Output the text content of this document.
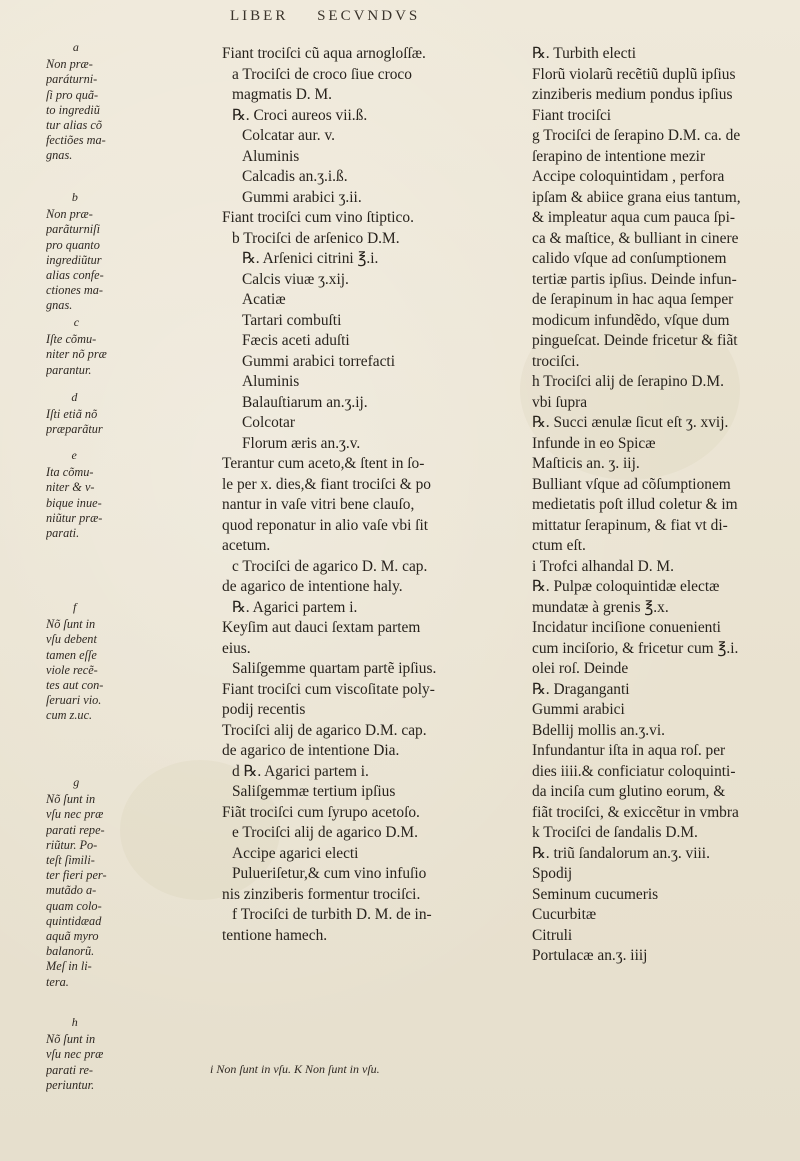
LIBER SECVNDVS
a
Non præ-
paráturni-
ſi pro quã-
to ingrediũ
tur alias cõ
fectiões ma-
gnas.
b
Non præ-
parãturniſi
pro quanto
ingrediũtur
alias confe-
ctiones ma-
gnas.
c
Iſte cõmu-
niter nõ præ
parantur.
d
Iſti etiã nõ
præparãtur
e
Ita cõmu-
niter & v-
bique inue-
niũtur præ-
parati.
f
Nõ ſunt in
vſu debent
tamen eſſe
viole recẽ-
tes aut con-
ſeruari vio.
cum z.uc.
g
Nõ ſunt in
vſu nec præ
parati repe-
riũtur. Po-
teſt ſimili-
ter fieri per-
mutãdo a-
quam colo-
quintidæad
aquã myro
balanorũ.
Meſ in li-
tera.
h
Nõ ſunt in
vſu nec præ
parati re-
periuntur.
Fiant trociſci cũ aqua arnogloſſæ.
a Trociſci de croco ſiue croco
magmatis D. M.
℞. Croci aureos vii.ß.
Colcatar aur. v.
Aluminis
Calcadis an.ʒ.i.ß.
Gummi arabici ʒ.ii.
Fiant trociſci cum vino ſtiptico.
b Trociſci de arſenico D.M.
℞. Arſenici citrini ℥.i.
Calcis viuæ ʒ.xij.
Acatiæ
Tartari combuſti
Fæcis aceti aduſti
Gummi arabici torrefacti
Aluminis
Balauſtiarum an.ʒ.ij.
Colcotar
Florum æris an.ʒ.v.
Terantur cum aceto,& ſtent in ſo-
le per x. dies,& fiant trociſci & po
nantur in vaſe vitri bene clauſo,
quod reponatur in alio vaſe vbi ſit
acetum.
c Trociſci de agarico D. M. cap.
de agarico de intentione haly.
℞. Agarici partem i.
Keyſim aut dauci ſextam partem
eius.
Saliſgemme quartam partẽ ipſius.
Fiant trociſci cum viscoſitate poly-
podij recentis
Trociſci alij de agarico D.M. cap.
de agarico de intentione Dia.
d ℞. Agarici partem i.
Saliſgemmæ tertium ipſius
Fiãt trociſci cum ſyrupo acetoſo.
e Trociſci alij de agarico D.M.
Accipe agarici electi
Pulueriſetur,& cum vino infuſio
nis zinziberis formentur trociſci.
f Trociſci de turbith D. M. de in-
tentione hamech.
℞. Turbith electi
Florũ violarũ recẽtiũ duplũ ipſius
zinziberis medium pondus ipſius
Fiant trociſci
g Trociſci de ſerapino D.M. ca. de
ſerapino de intentione mezir
Accipe coloquintidam , perfora
ipſam & abiice grana eius tantum,
& impleatur aqua cum pauca ſpi-
ca & maſtice, & bulliant in cinere
calido vſque ad conſumptionem
tertiæ partis ipſius. Deinde infun-
de ſerapinum in hac aqua ſemper
modicum infundẽdo, vſque dum
pingueſcat. Deinde fricetur & fiãt
trociſci.
h Trociſci alij de ſerapino D.M.
vbi ſupra
℞. Succi ænulæ ſicut eſt ʒ. xvij.
Infunde in eo Spicæ
Maſticis an. ʒ. iij.
Bulliant vſque ad cõſumptionem
medietatis poſt illud coletur & im
mittatur ſerapinum, & fiat vt di-
ctum eſt.
i Trofci alhandal D. M.
℞. Pulpæ coloquintidæ electæ
mundatæ à grenis ℥.x.
Incidatur inciſione conuenienti
cum inciſorio, & fricetur cum ℥.i.
olei roſ. Deinde
℞. Draganganti
Gummi arabici
Bdellij mollis an.ʒ.vi.
Infundantur iſta in aqua roſ. per
dies iiii.& conficiatur coloquinti-
da inciſa cum glutino eorum, &
fiãt trociſci, & exiccẽtur in vmbra
k Trociſci de ſandalis D.M.
℞. triũ ſandalorum an.ʒ. viii.
Spodij
Seminum cucumeris
Cucurbitæ
Citruli
Portulacæ an.ʒ. iiij
i Non ſunt in vſu. K Non ſunt in vſu.
